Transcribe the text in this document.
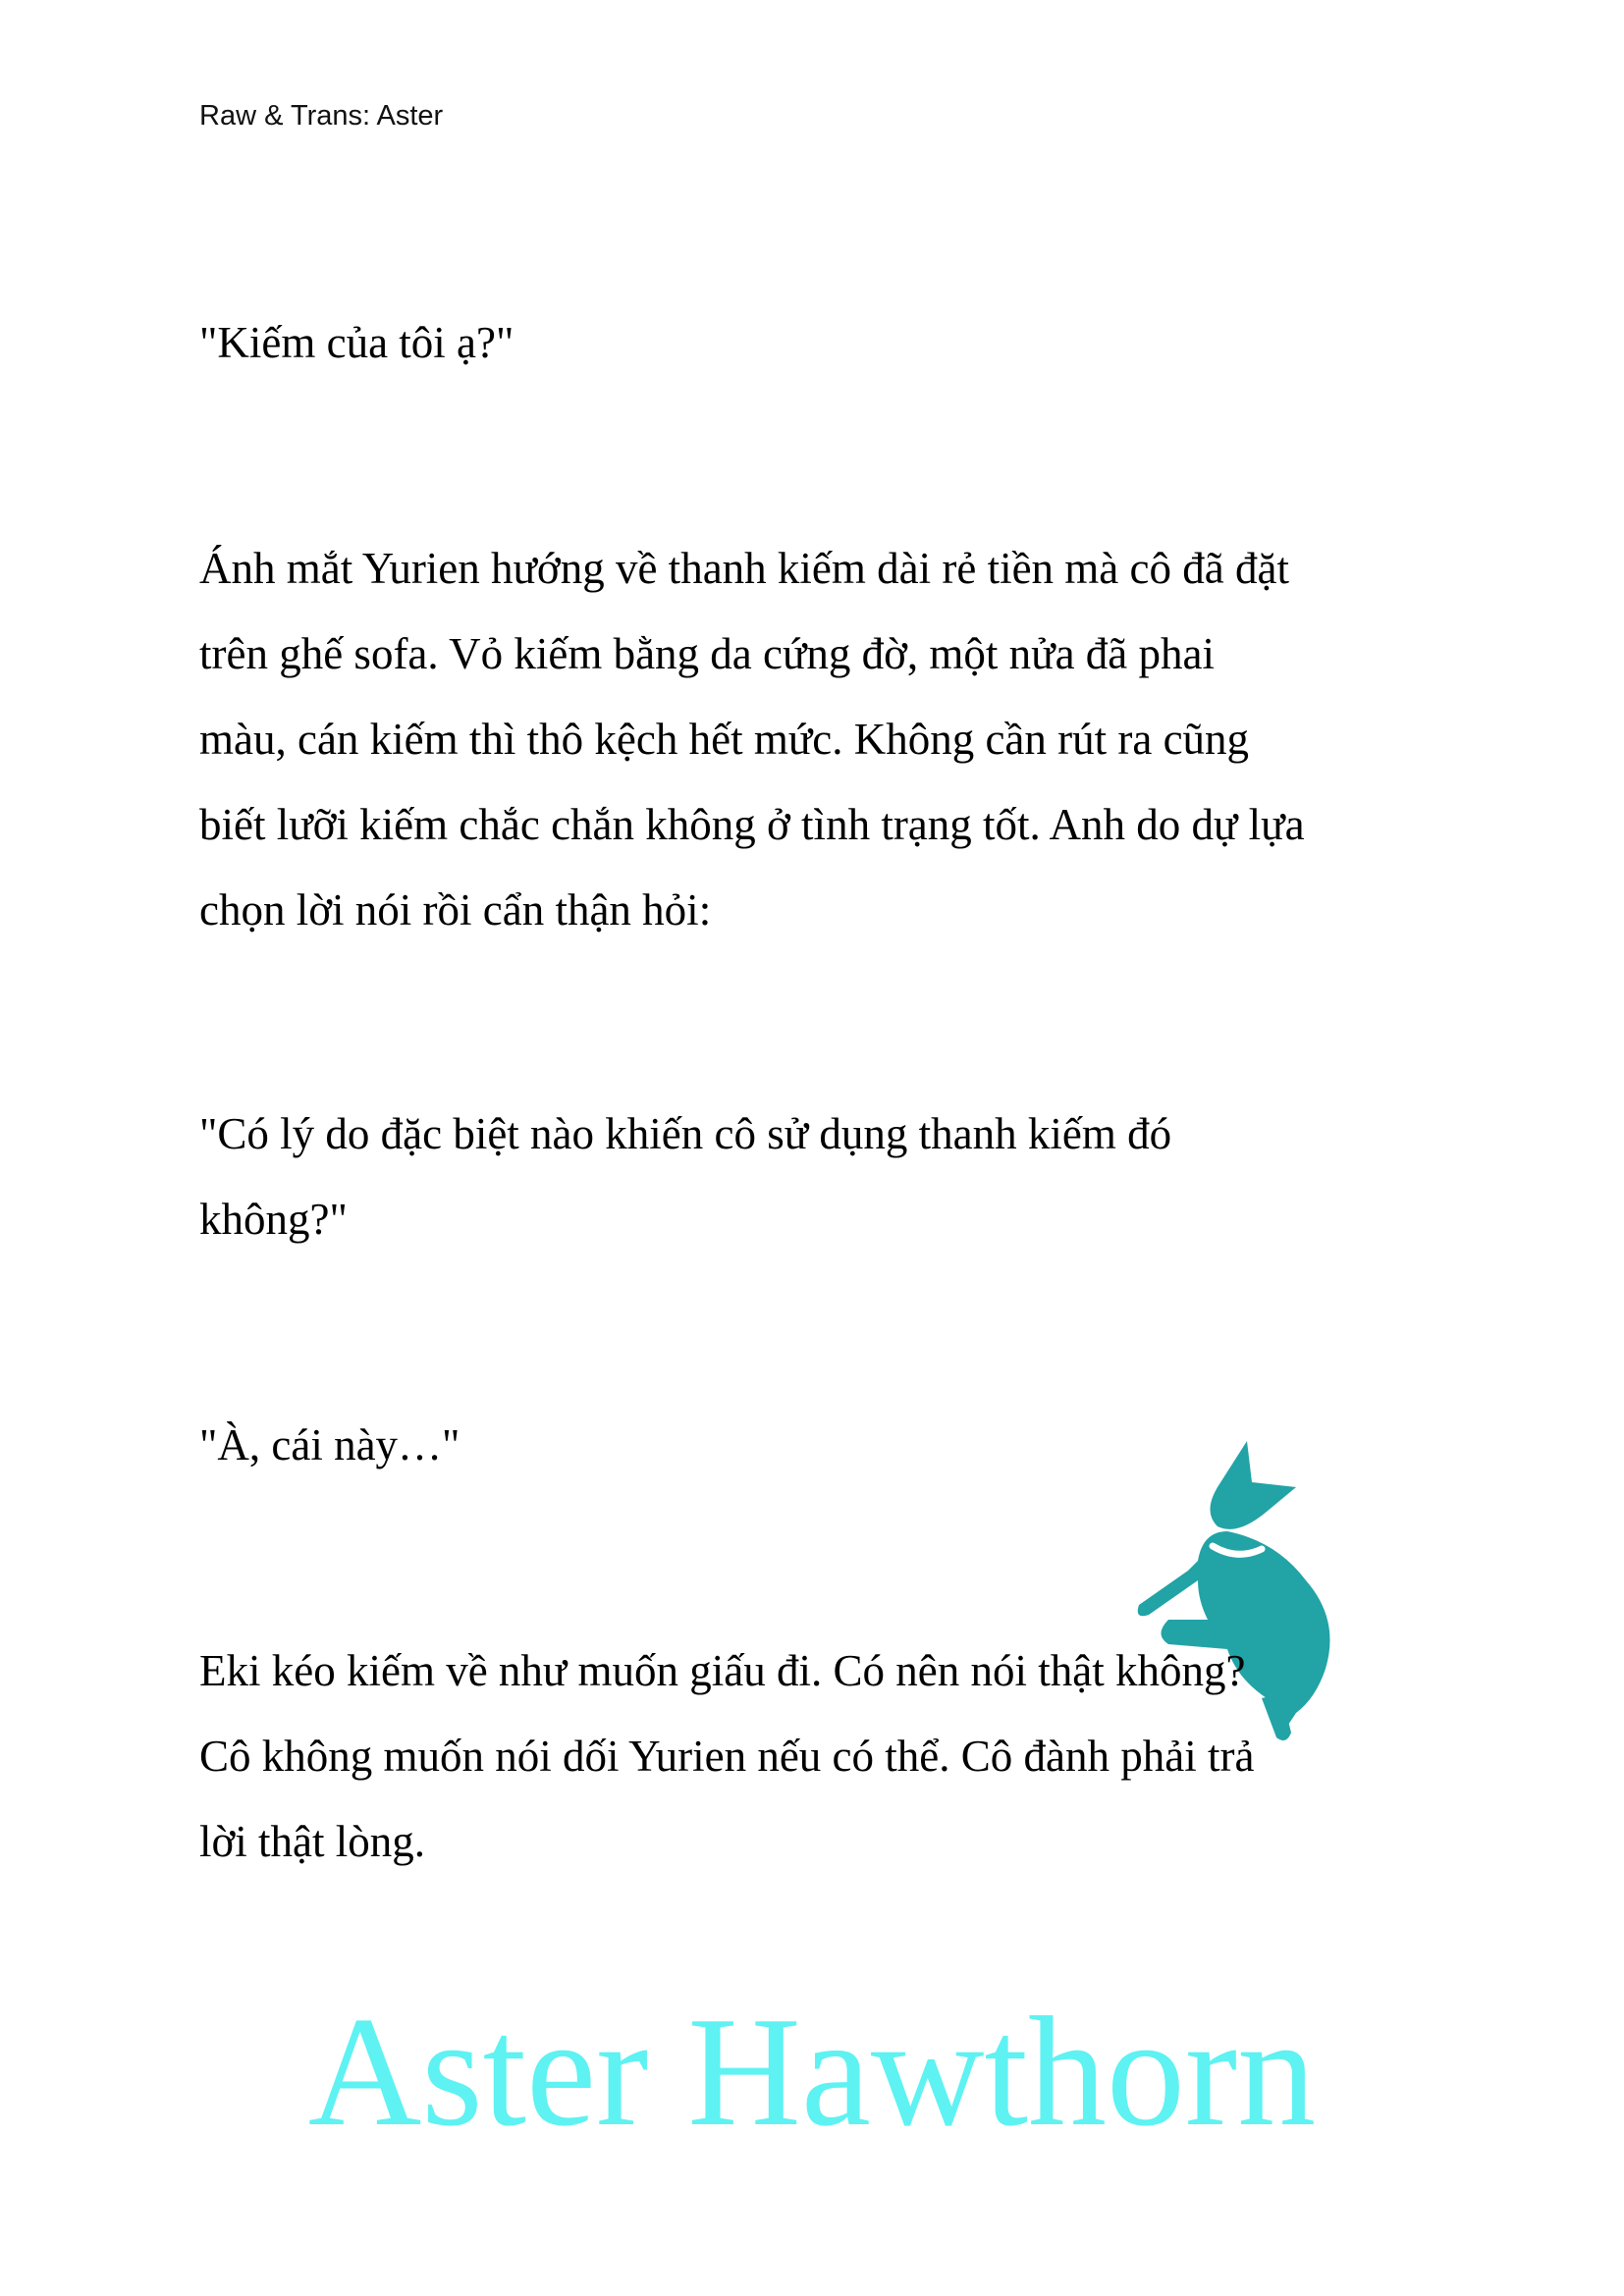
Raw & Trans: Aster
"Kiếm của tôi ạ?"
Ánh mắt Yurien hướng về thanh kiếm dài rẻ tiền mà cô đã đặt
trên ghế sofa. Vỏ kiếm bằng da cứng đờ, một nửa đã phai
màu, cán kiếm thì thô kệch hết mức. Không cần rút ra cũng
biết lưỡi kiếm chắc chắn không ở tình trạng tốt. Anh do dự lựa
chọn lời nói rồi cẩn thận hỏi:
"Có lý do đặc biệt nào khiến cô sử dụng thanh kiếm đó
không?"
"À, cái này…"
Eki kéo kiếm về như muốn giấu đi. Có nên nói thật không?
Cô không muốn nói dối Yurien nếu có thể. Cô đành phải trả
lời thật lòng.
Aster Hawthorn
